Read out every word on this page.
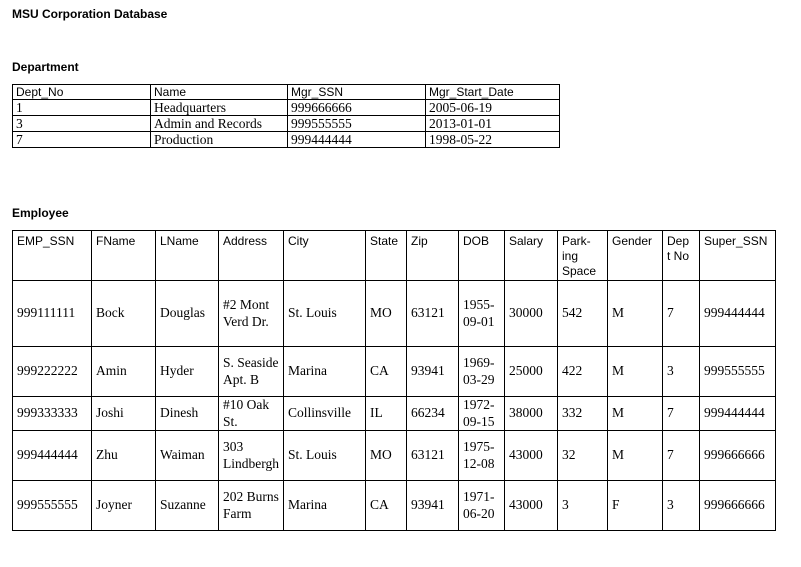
MSU Corporation Database
Department
Dept_No	Name	Mgr_SSN	Mgr_Start_Date
1	Headquarters	999666666	2005-06-19
3	Admin and Records	999555555	2013-01-01
7	Production	999444444	1998-05-22
Employee
EMP_SSN	FName	LName	Address	City	State	Zip	DOB	Salary	Park-ing Space	Gender	Dep t No	Super_SSN
999111111	Bock	Douglas	#2 Mont Verd Dr.	St. Louis	MO	63121	1955-09-01	30000	542	M	7	999444444
999222222	Amin	Hyder	S. Seaside Apt. B	Marina	CA	93941	1969-03-29	25000	422	M	3	999555555
999333333	Joshi	Dinesh	#10 Oak St.	Collinsville	IL	66234	1972-09-15	38000	332	M	7	999444444
999444444	Zhu	Waiman	303 Lindbergh	St. Louis	MO	63121	1975-12-08	43000	32	M	7	999666666
999555555	Joyner	Suzanne	202 Burns Farm	Marina	CA	93941	1971-06-20	43000	3	F	3	999666666
